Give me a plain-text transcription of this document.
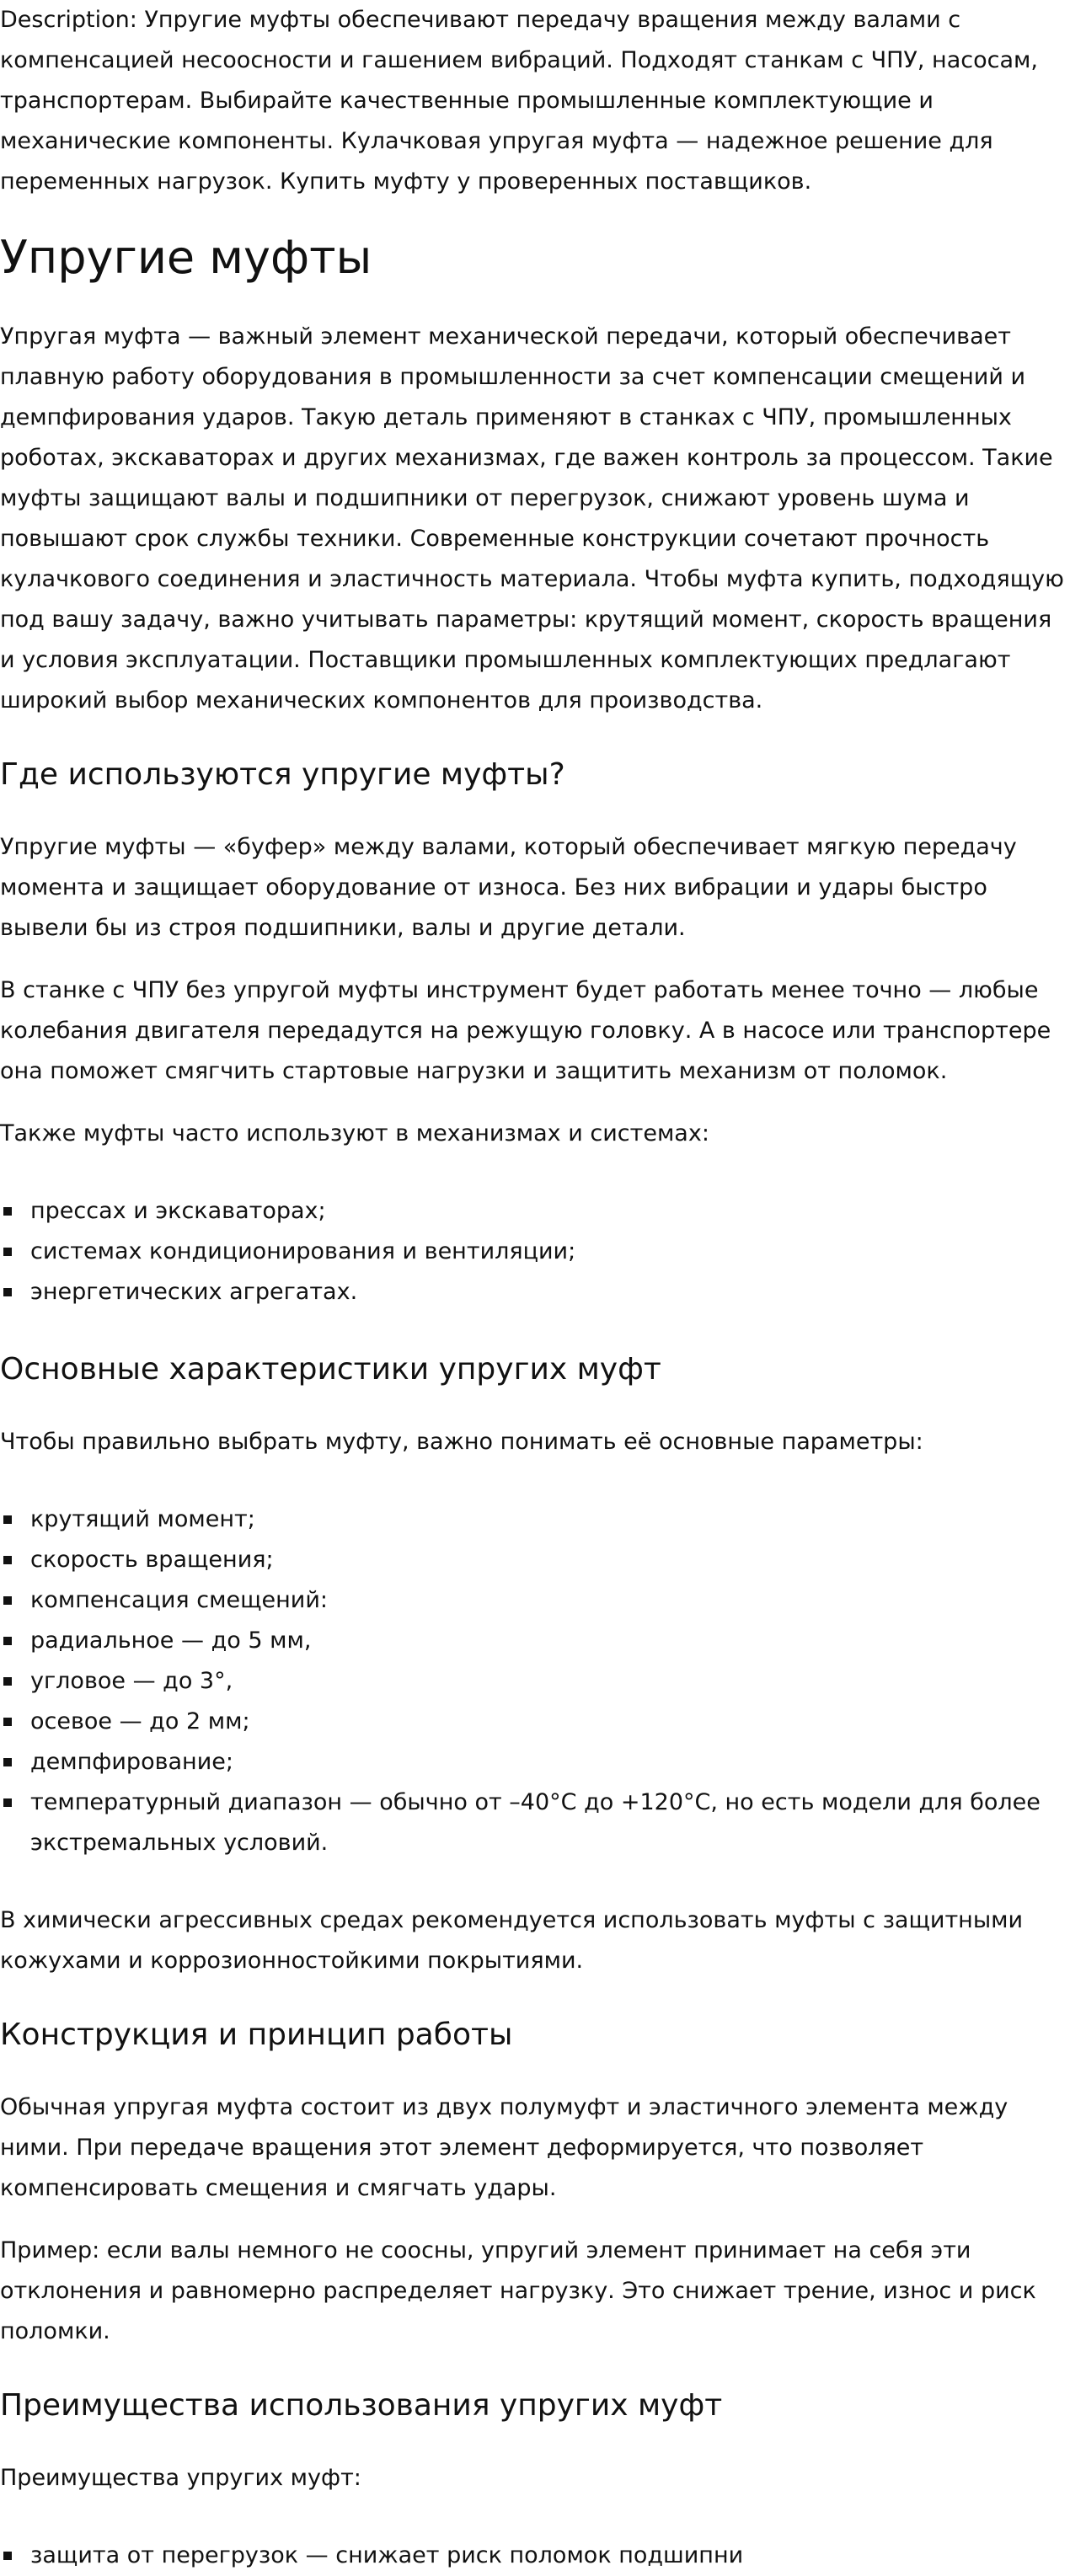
Description: Упругие муфты обеспечивают передачу вращения между валами с компенсацией несоосности и гашением вибраций. Подходят станкам с ЧПУ, насосам, транспортерам. Выбирайте качественные промышленные комплектующие и механические компоненты. Кулачковая упругая муфта — надежное решение для переменных нагрузок. Купить муфту у проверенных поставщиков.

Упругие муфты

Упругая муфта — важный элемент механической передачи, который обеспечивает плавную работу оборудования в промышленности за счет компенсации смещений и демпфирования ударов. Такую деталь применяют в станках с ЧПУ, промышленных роботах, экскаваторах и других механизмах, где важен контроль за процессом. Такие муфты защищают валы и подшипники от перегрузок, снижают уровень шума и повышают срок службы техники. Современные конструкции сочетают прочность кулачкового соединения и эластичность материала. Чтобы муфта купить, подходящую под вашу задачу, важно учитывать параметры: крутящий момент, скорость вращения и условия эксплуатации. Поставщики промышленных комплектующих предлагают широкий выбор механических компонентов для производства.

Где используются упругие муфты?

Упругие муфты — «буфер» между валами, который обеспечивает мягкую передачу момента и защищает оборудование от износа. Без них вибрации и удары быстро вывели бы из строя подшипники, валы и другие детали.

В станке с ЧПУ без упругой муфты инструмент будет работать менее точно — любые колебания двигателя передадутся на режущую головку. А в насосе или транспортере она поможет смягчить стартовые нагрузки и защитить механизм от поломок.

Также муфты часто используют в механизмах и системах:

прессах и экскаваторах;
системах кондиционирования и вентиляции;
энергетических агрегатах.
Основные характеристики упругих муфт

Чтобы правильно выбрать муфту, важно понимать её основные параметры:

крутящий момент;
скорость вращения;
компенсация смещений:
радиальное — до 5 мм,
угловое — до 3°,
осевое — до 2 мм;
демпфирование;
температурный диапазон — обычно от –40°C до +120°C, но есть модели для более экстремальных условий.

В химически агрессивных средах рекомендуется использовать муфты с защитными кожухами и коррозионностойкими покрытиями.

Конструкция и принцип работы

Обычная упругая муфта состоит из двух полумуфт и эластичного элемента между ними. При передаче вращения этот элемент деформируется, что позволяет компенсировать смещения и смягчать удары.

Пример: если валы немного не соосны, упругий элемент принимает на себя эти отклонения и равномерно распределяет нагрузку. Это снижает трение, износ и риск поломки.

Преимущества использования упругих муфт

Преимущества упругих муфт:

защита от перегрузок — снижает риск поломок подшипни
